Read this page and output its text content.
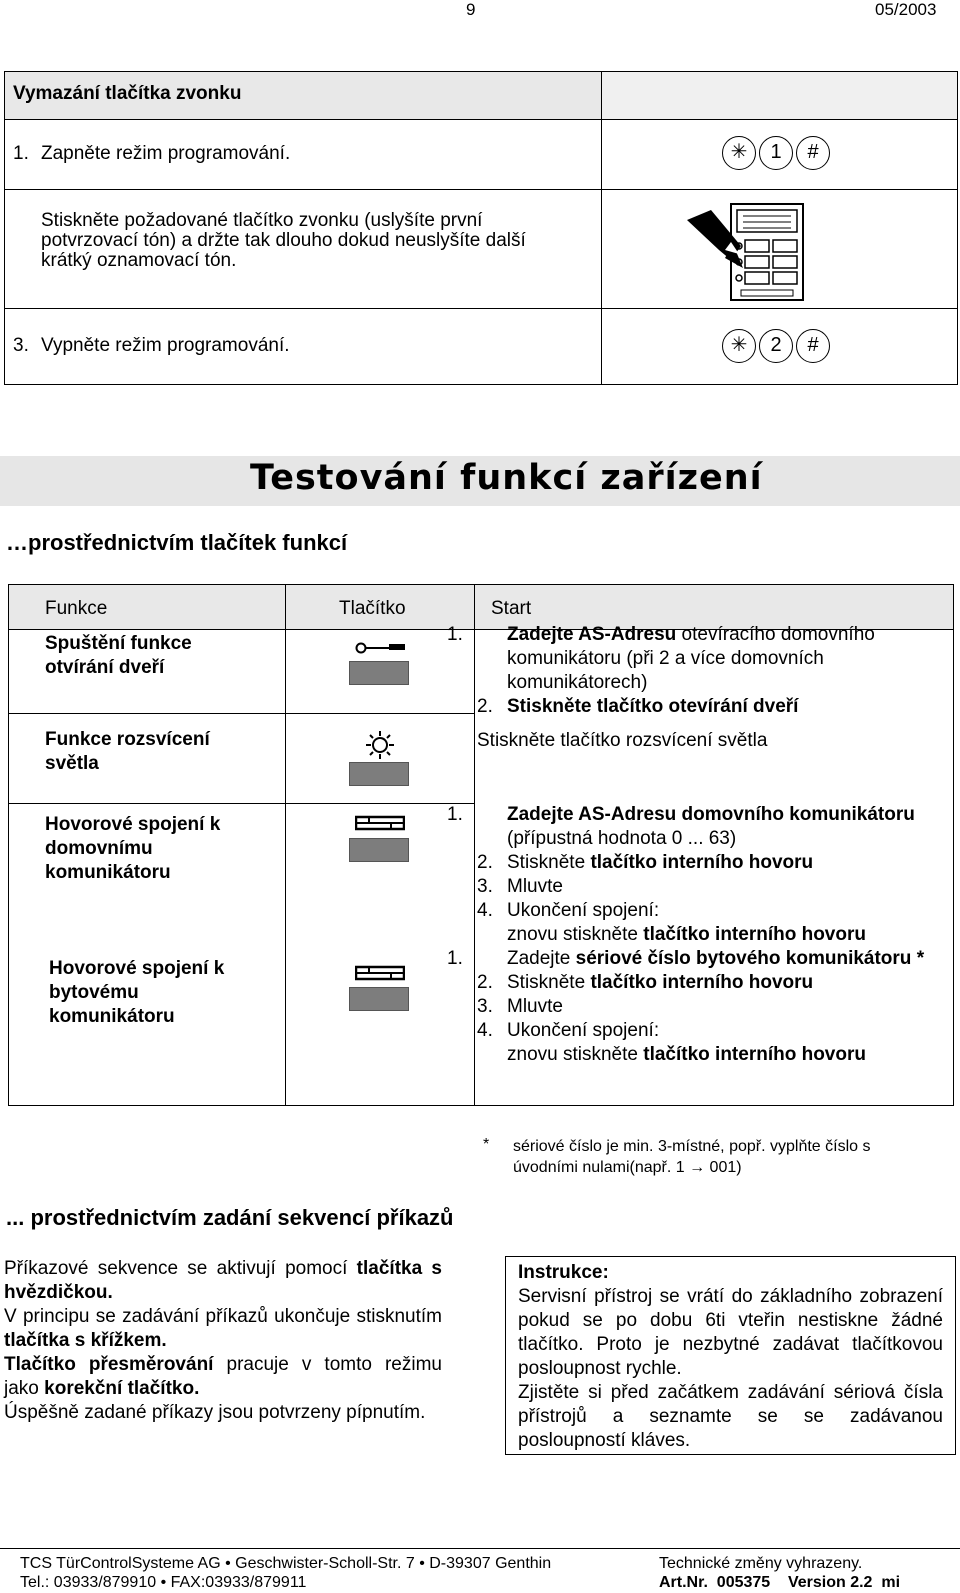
9	05/2003
Vymazání tlačítka zvonku
1. Zapněte režim programování.	✳ 1 #
Stiskněte požadované tlačítko zvonku (uslyšíte první potvrzovací tón) a držte tak dlouho dokud neuslyšíte další krátký oznamovací tón.
3. Vypněte režim programování.	✳ 2 #
Testování funkcí zařízení
…prostřednictvím tlačítek funkcí
Funkce	Tlačítko	Start
Spuštění funkce otvírání dveří
1. Zadejte AS-Adresu otevíracího domovního komunikátoru (při 2 a více domovních komunikátorech)
2. Stiskněte tlačítko otevírání dveří
Funkce rozsvícení světla
Stiskněte tlačítko rozsvícení světla
Hovorové spojení k domovnímu komunikátoru
1. Zadejte AS-Adresu domovního komunikátoru (přípustná hodnota 0 ... 63)
2. Stiskněte tlačítko interního hovoru
3. Mluvte
4. Ukončení spojení:
znovu stiskněte tlačítko interního hovoru
Hovorové spojení k bytovému komunikátoru
1. Zadejte sériové číslo bytového komunikátoru *
2. Stiskněte tlačítko interního hovoru
3. Mluvte
4. Ukončení spojení:
znovu stiskněte tlačítko interního hovoru
* sériové číslo je min. 3-místné, popř. vyplňte číslo s
úvodními nulami(např. 1 → 001)
... prostřednictvím zadání sekvencí příkazů

Příkazové sekvence se aktivují pomocí tlačítka s hvězdičkou.

V principu se zadávání příkazů ukončuje stisknutím tlačítka s křížkem.

Tlačítko přesměrování pracuje v tomto režimu jako korekční tlačítko.

Úspěšně zadané příkazy jsou potvrzeny pípnutím.

Instrukce:

Servisní přístroj se vrátí do základního zobrazení pokud se po dobu 6ti vteřin nestiskne žádné tlačítko. Proto je nezbytné zadávat tlačítkovou posloupnost rychle.

Zjistěte si před začátkem zadávání sériová čísla přístrojů a seznamte se se zadávanou posloupností kláves.

TCS TürControlSysteme AG • Geschwister-Scholl-Str. 7 • D-39307 Genthin
Tel.: 03933/879910 • FAX:03933/879911
Technické změny vyhrazeny.
Art.Nr.  005375    Version 2.2  mi
